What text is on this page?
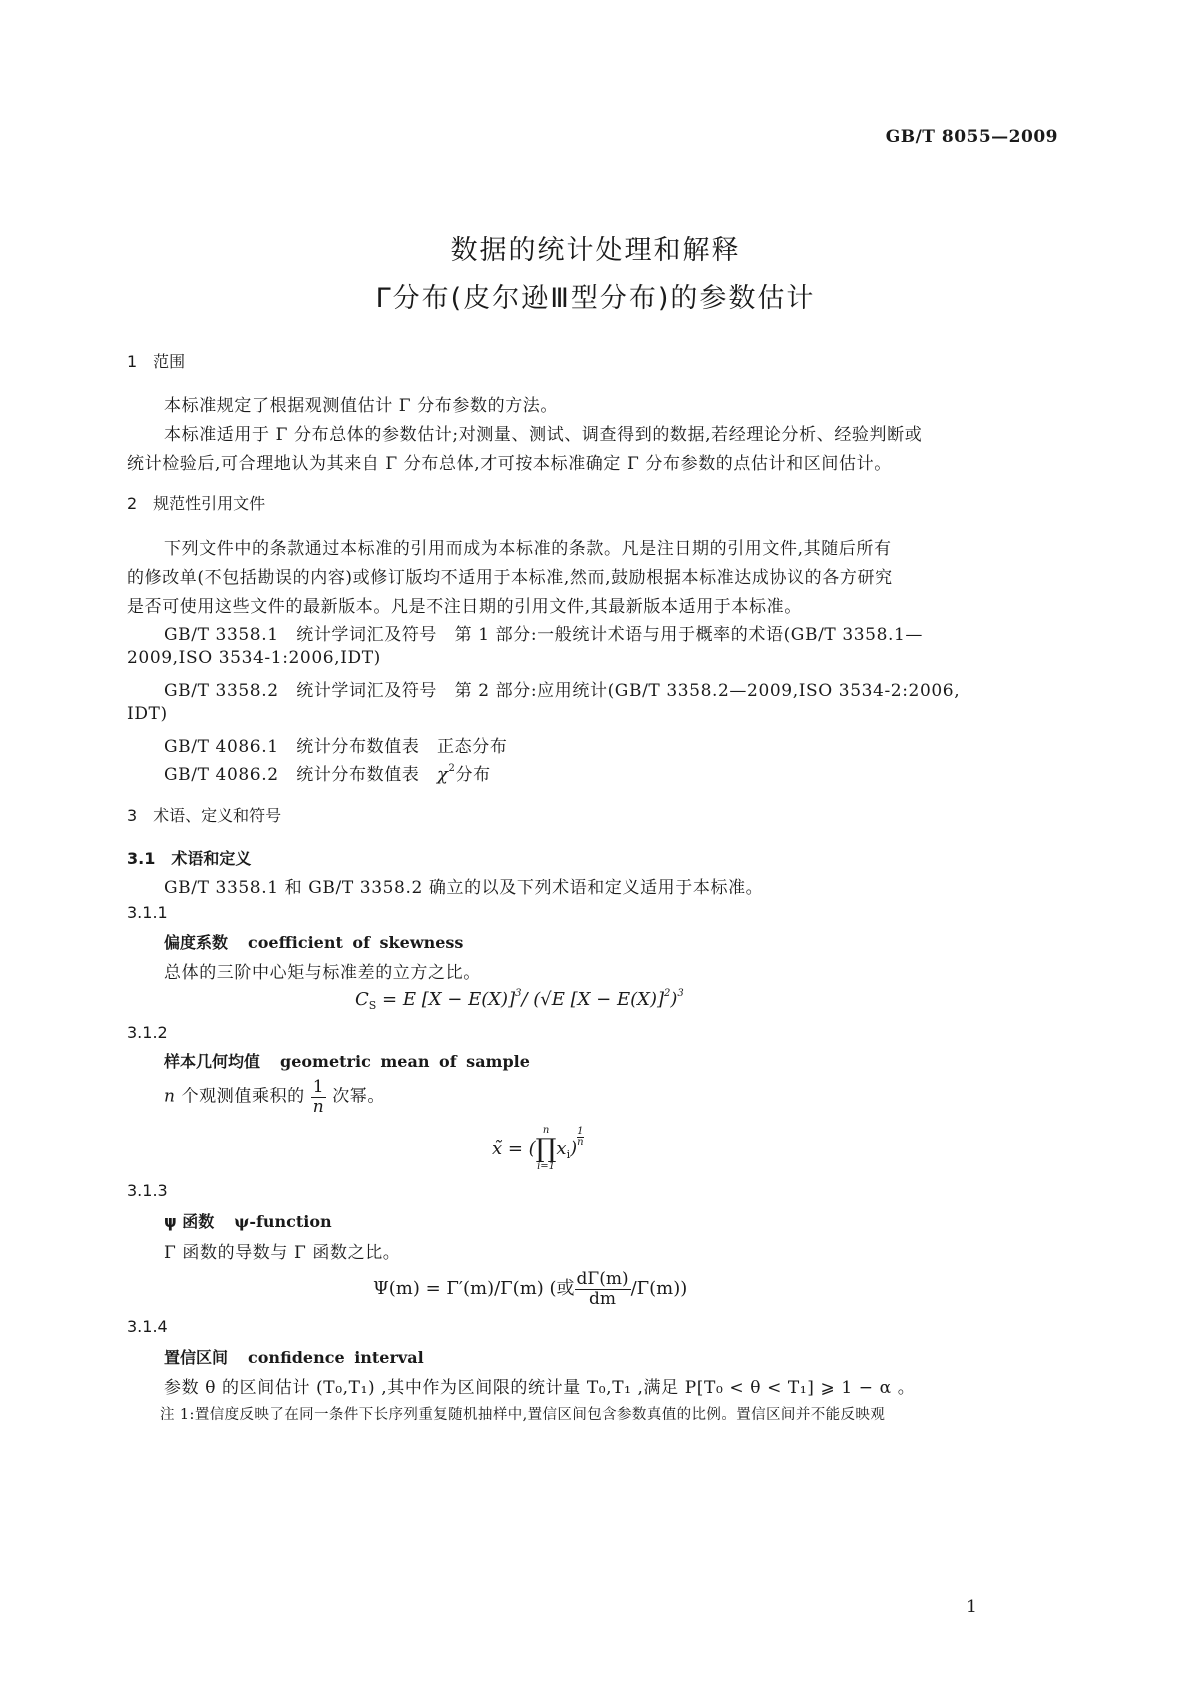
GB/T 8055—2009
数据的统计处理和解释
Γ分布(皮尔逊Ⅲ型分布)的参数估计
1　范围
本标准规定了根据观测值估计 Γ 分布参数的方法。
本标准适用于 Γ 分布总体的参数估计;对测量、测试、调查得到的数据,若经理论分析、经验判断或
统计检验后,可合理地认为其来自 Γ 分布总体,才可按本标准确定 Γ 分布参数的点估计和区间估计。
2　规范性引用文件
下列文件中的条款通过本标准的引用而成为本标准的条款。凡是注日期的引用文件,其随后所有
的修改单(不包括勘误的内容)或修订版均不适用于本标准,然而,鼓励根据本标准达成协议的各方研究
是否可使用这些文件的最新版本。凡是不注日期的引用文件,其最新版本适用于本标准。
GB/T 3358.1　统计学词汇及符号　第 1 部分:一般统计术语与用于概率的术语(GB/T 3358.1—
2009,ISO 3534-1:2006,IDT)
GB/T 3358.2　统计学词汇及符号　第 2 部分:应用统计(GB/T 3358.2—2009,ISO 3534-2:2006,
IDT)
GB/T 4086.1　统计分布数值表　正态分布
GB/T 4086.2　统计分布数值表　$\chi^2$分布
3　术语、定义和符号
3.1　术语和定义
GB/T 3358.1 和 GB/T 3358.2 确立的以及下列术语和定义适用于本标准。
3.1.1
偏度系数 coefficient of skewness
总体的三阶中心矩与标准差的立方之比。
$C_S = E$ $[X - E(X)]^3/$ (√E $[X - E(X)]^2)^3$
3.1.2
样本几何均值 geometric mean of sample
n 个观测值乘积的 $\frac{1}{n}$ 次幂。
x̃ = (
n
∏
i=1
$x_i$)
$\frac{1}{n}$
3.1.3
ψ 函数 ψ-function
Γ 函数的导数与 Γ 函数之比。
Ψ(m) = Γ′(m)/Γ(m) (或 $\frac{d\Gamma(m)}{dm} /\Gamma(m)$)
3.1.4
置信区间 confidence interval
参数 θ 的区间估计 (T₀,T₁) ,其中作为区间限的统计量 T₀,T₁ ,满足 P[T₀ < θ < T₁] ⩾ 1 − α 。
注 1:置信度反映了在同一条件下长序列重复随机抽样中,置信区间包含参数真值的比例。置信区间并不能反映观
1
